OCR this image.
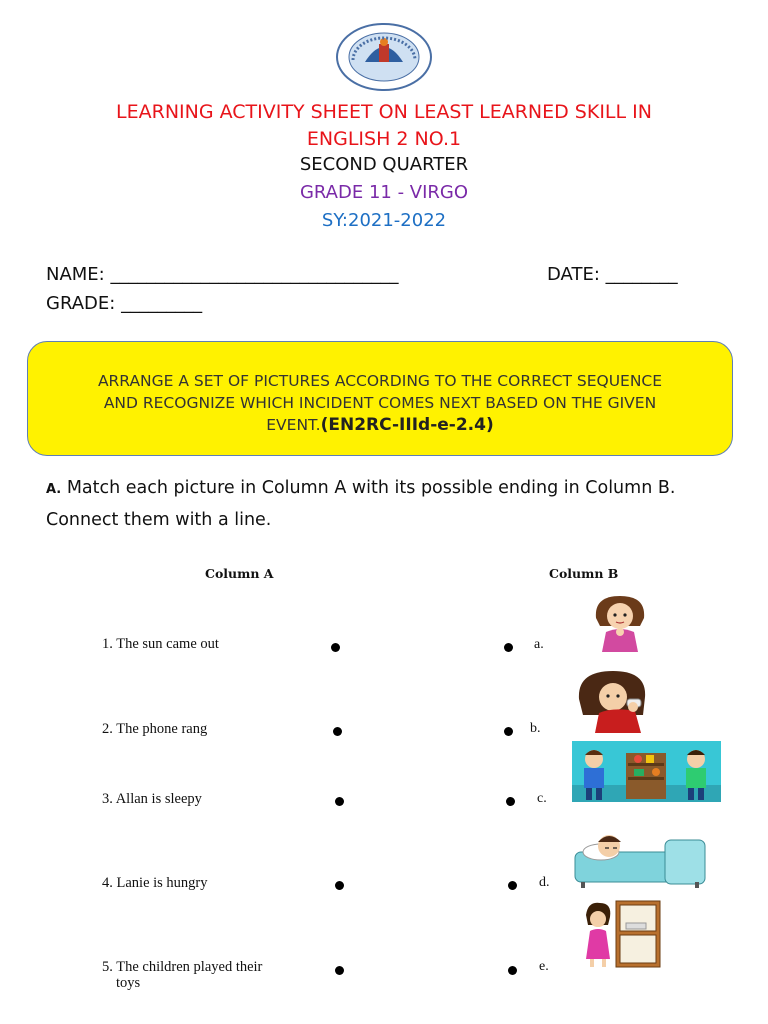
LEARNING ACTIVITY SHEET ON LEAST LEARNED SKILL IN
ENGLISH 2 NO.1
SECOND QUARTER
GRADE 11 - VIRGO
SY:2021-2022
NAME: ________________________________	DATE: ________
GRADE: _________
ARRANGE A SET OF PICTURES ACCORDING TO THE CORRECT SEQUENCE
AND RECOGNIZE WHICH INCIDENT COMES NEXT BASED ON THE GIVEN
EVENT.(EN2RC-IIId-e-2.4)
A. Match each picture in Column A with its possible ending in Column B.
Connect them with a line.
Column A	Column B
1. The sun came out
2. The phone rang
3. Allan is sleepy
4. Lanie is hungry
5. The children played their
toys
a.
b.
c.
d.
e.
